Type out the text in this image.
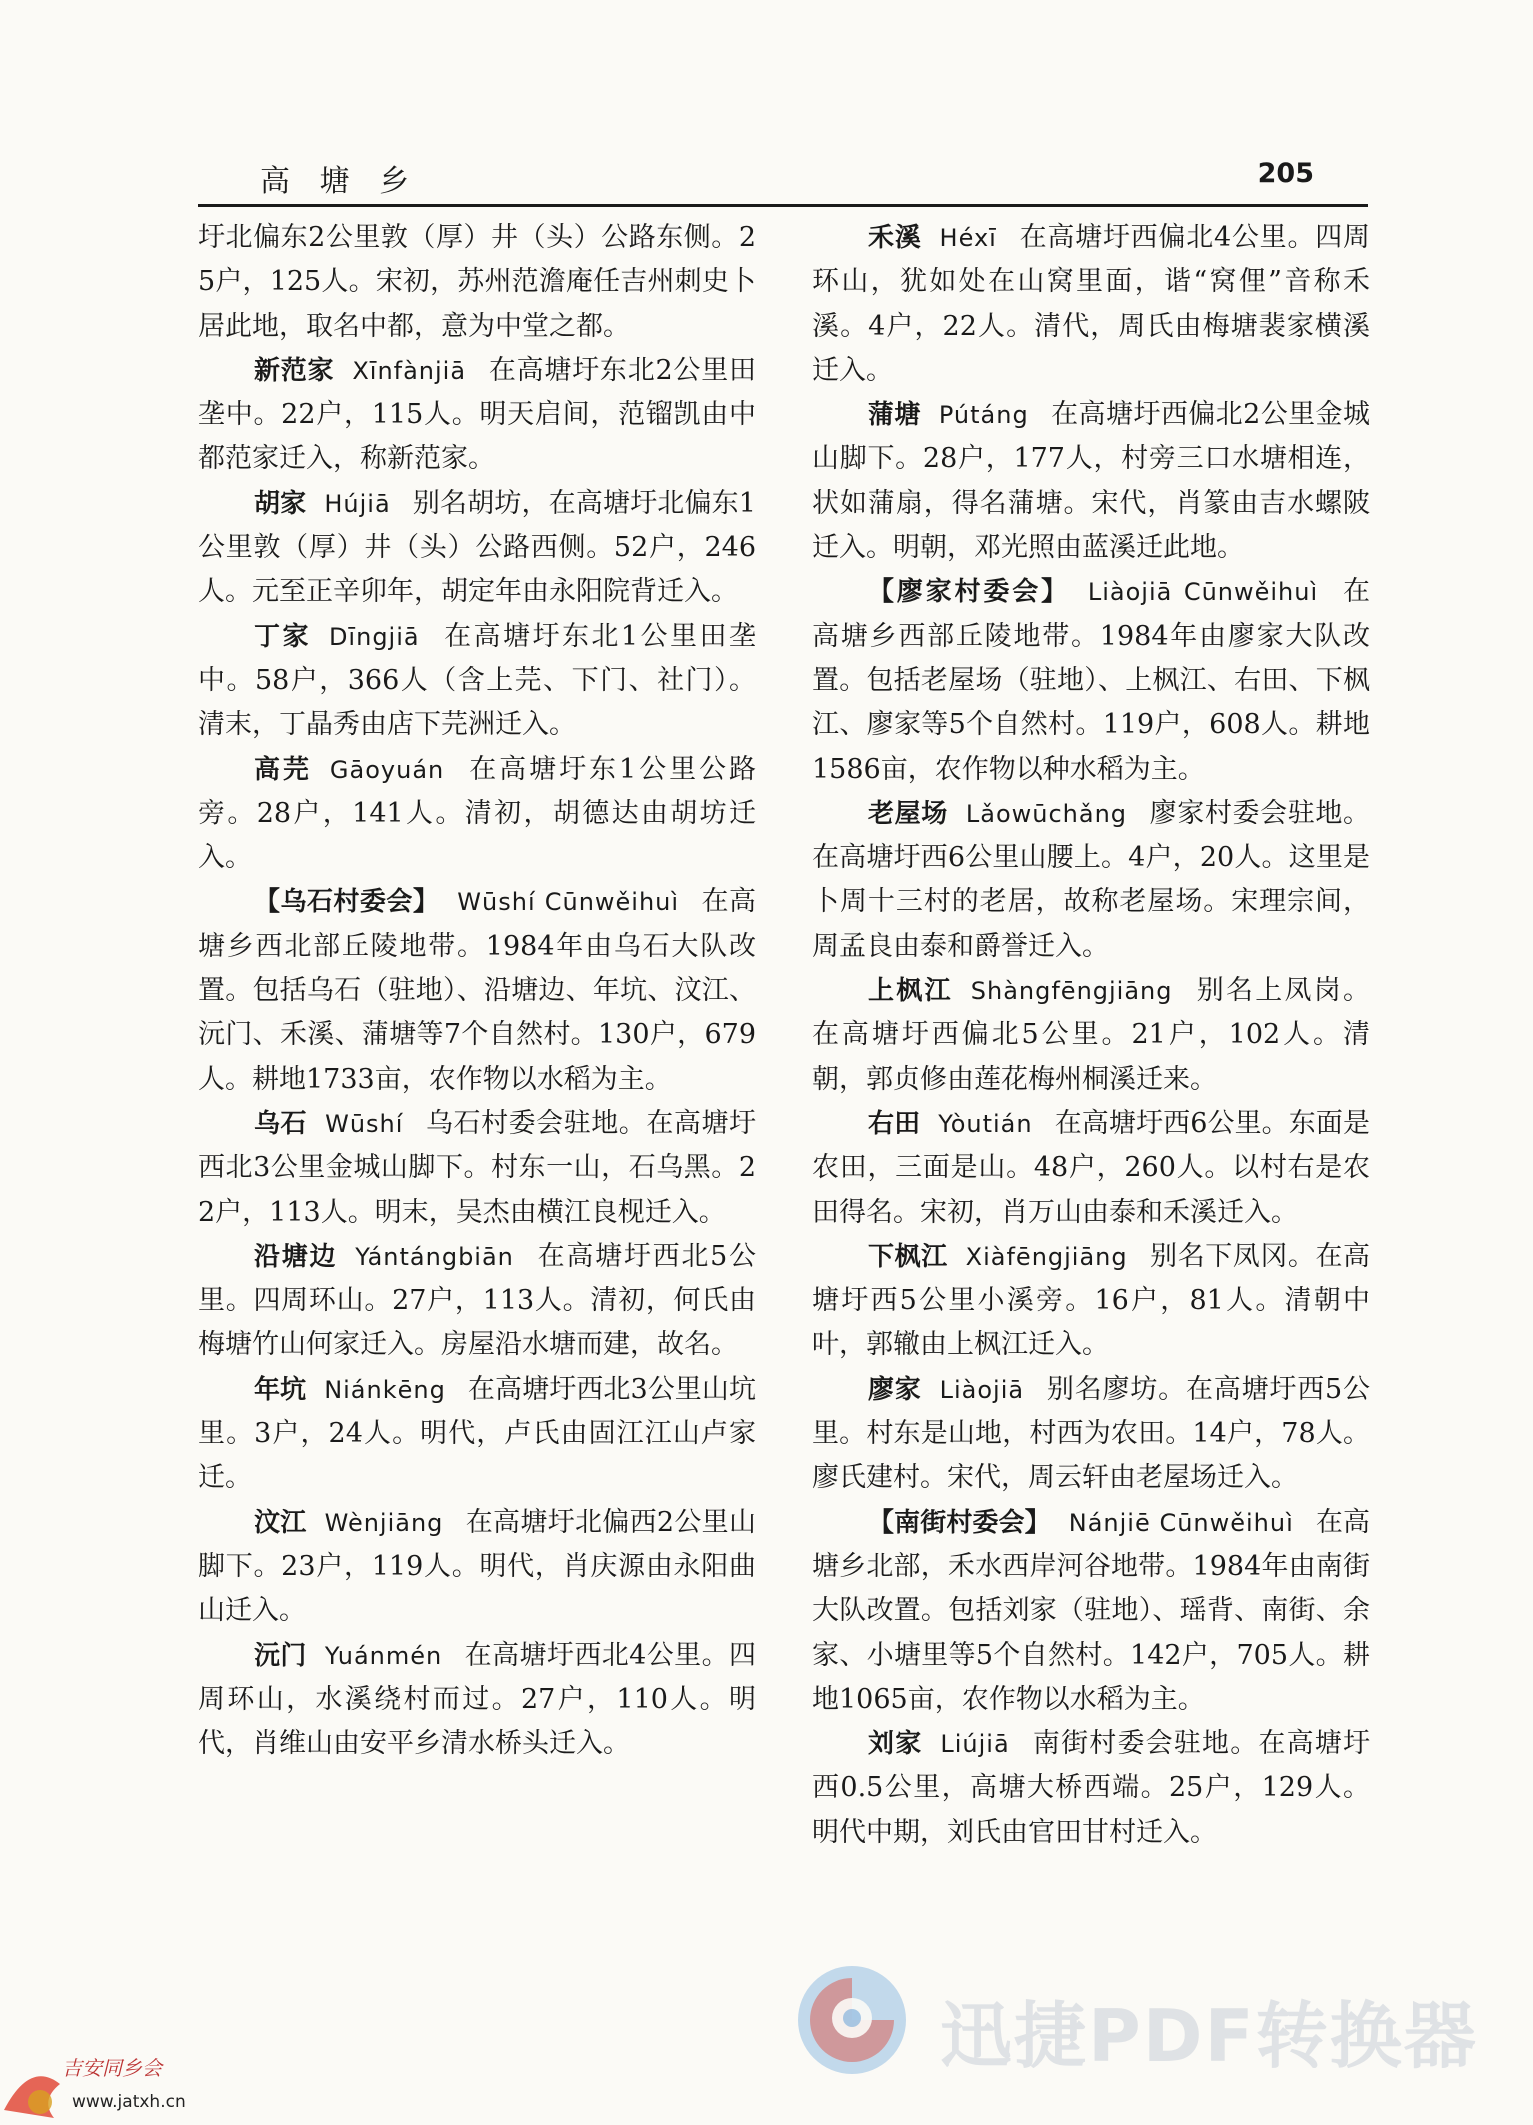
高 塘 乡	205

圩北偏东2公里敦（厚）井（头）公路东侧。25户，125人。宋初，苏州范澹庵任吉州刺史卜居此地，取名中都，意为中堂之都。

新范家 Xīnfànjiā 在高塘圩东北2公里田垄中。22户，115人。明天启间，范镏凯由中都范家迁入，称新范家。

胡家 Hújiā 别名胡坊，在高塘圩北偏东1公里敦（厚）井（头）公路西侧。52户，246人。元至正辛卯年，胡定年由永阳院背迁入。

丁家 Dīngjiā 在高塘圩东北1公里田垄中。58户，366人（含上芫、下门、社门）。清末，丁晶秀由店下芫洲迁入。

高芫 Gāoyuán 在高塘圩东1公里公路旁。28户，141人。清初，胡德达由胡坊迁入。

【乌石村委会】 Wūshí Cūnwěihuì 在高塘乡西北部丘陵地带。1984年由乌石大队改置。包括乌石（驻地）、沿塘边、年坑、汶江、沅门、禾溪、蒲塘等7个自然村。130户，679人。耕地1733亩，农作物以水稻为主。

乌石 Wūshí 乌石村委会驻地。在高塘圩西北3公里金城山脚下。村东一山，石乌黑。22户，113人。明末，吴杰由横江良枧迁入。

沿塘边 Yántángbiān 在高塘圩西北5公里。四周环山。27户，113人。清初，何氏由梅塘竹山何家迁入。房屋沿水塘而建，故名。

年坑 Niánkēng 在高塘圩西北3公里山坑里。3户，24人。明代，卢氏由固江江山卢家迁。

汶江 Wènjiāng 在高塘圩北偏西2公里山脚下。23户，119人。明代，肖庆源由永阳曲山迁入。

沅门 Yuánmén 在高塘圩西北4公里。四周环山，水溪绕村而过。27户，110人。明代，肖维山由安平乡清水桥头迁入。

禾溪 Héxī 在高塘圩西偏北4公里。四周环山，犹如处在山窝里面，谐“窝俚”音称禾溪。4户，22人。清代，周氏由梅塘裴家横溪迁入。

蒲塘 Pútáng 在高塘圩西偏北2公里金城山脚下。28户，177人，村旁三口水塘相连，状如蒲扇，得名蒲塘。宋代，肖篆由吉水螺陂迁入。明朝，邓光照由蓝溪迁此地。

【廖家村委会】 Liàojiā Cūnwěihuì 在高塘乡西部丘陵地带。1984年由廖家大队改置。包括老屋场（驻地）、上枫江、右田、下枫江、廖家等5个自然村。119户，608人。耕地1586亩，农作物以种水稻为主。

老屋场 Lǎowūchǎng 廖家村委会驻地。在高塘圩西6公里山腰上。4户，20人。这里是卜周十三村的老居，故称老屋场。宋理宗间，周孟良由泰和爵誉迁入。

上枫江 Shàngfēngjiāng 别名上凤岗。在高塘圩西偏北5公里。21户，102人。清朝，郭贞修由莲花梅州桐溪迁来。

右田 Yòutián 在高塘圩西6公里。东面是农田，三面是山。48户，260人。以村右是农田得名。宋初，肖万山由泰和禾溪迁入。

下枫江 Xiàfēngjiāng 别名下凤冈。在高塘圩西5公里小溪旁。16户，81人。清朝中叶，郭辙由上枫江迁入。

廖家 Liàojiā 别名廖坊。在高塘圩西5公里。村东是山地，村西为农田。14户，78人。廖氏建村。宋代，周云轩由老屋场迁入。

【南街村委会】 Nánjiē Cūnwěihuì 在高塘乡北部，禾水西岸河谷地带。1984年由南街大队改置。包括刘家（驻地）、瑶背、南街、余家、小塘里等5个自然村。142户，705人。耕地1065亩，农作物以水稻为主。

刘家 Liújiā 南街村委会驻地。在高塘圩西0.5公里，高塘大桥西端。25户，129人。明代中期，刘氏由官田甘村迁入。

迅捷PDF转换器
吉安同乡会
www.jatxh.cn
